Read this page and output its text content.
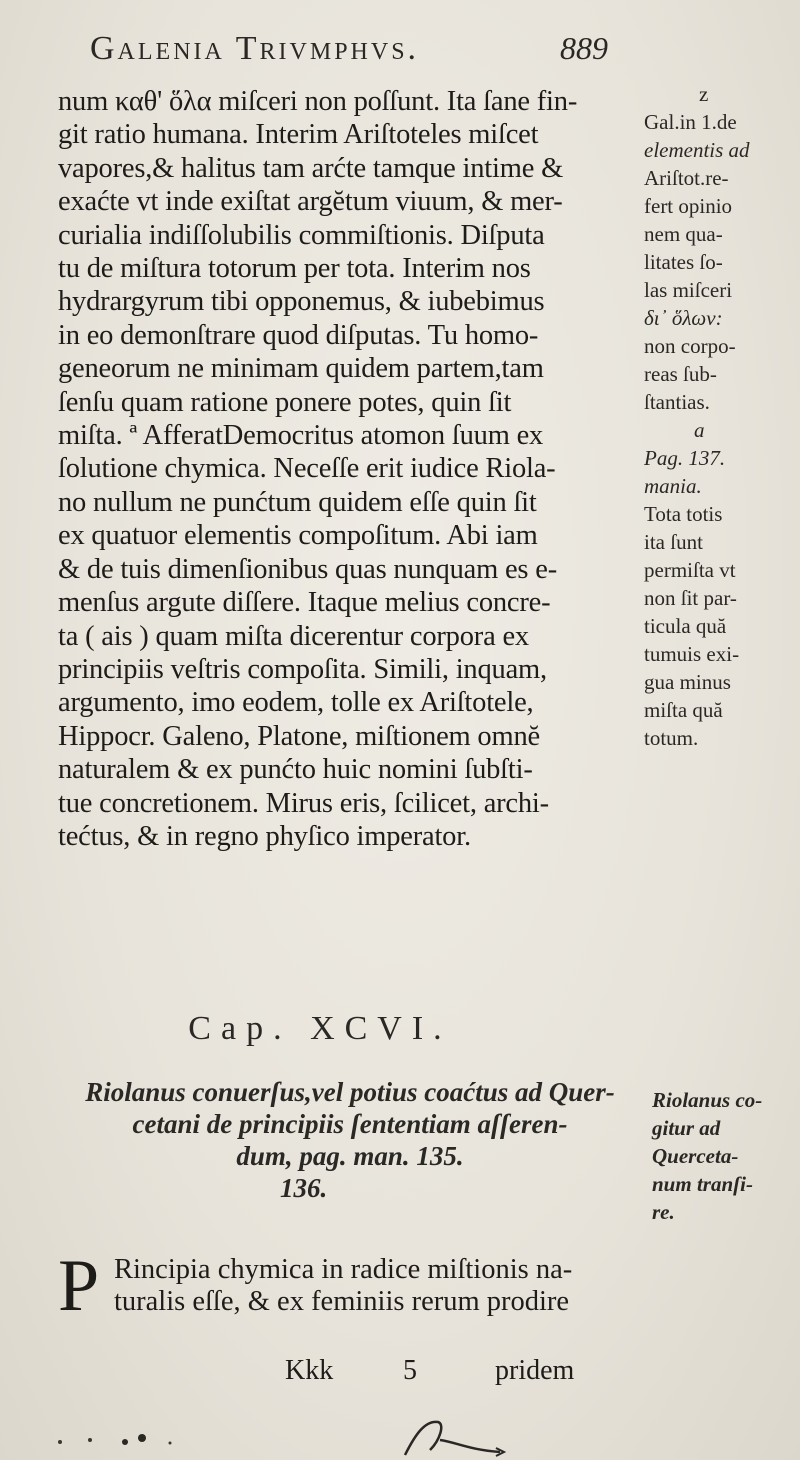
Galenia Trivmphvs.	889
num καθ' ὅλα miſceri non poſſunt. Ita ſane fin-
git ratio humana. Interim Ariſtoteles miſcet
vapores,& halitus tam arćte tamque intime &
exaćte vt inde exiſtat argĕtum viuum, & mer-
curialia indiſſolubilis commiſtionis. Diſputa
tu de miſtura totorum per tota. Interim nos
hydrargyrum tibi opponemus, & iubebimus
in eo demonſtrare quod diſputas. Tu homo-
geneorum ne minimam quidem partem,tam
ſenſu quam ratione ponere potes, quin ſit
miſta. ª AfferatDemocritus atomon ſuum ex
ſolutione chymica. Neceſſe erit iudice Riola-
no nullum ne punćtum quidem eſſe quin ſit
ex quatuor elementis compoſitum. Abi iam
& de tuis dimenſionibus quas nunquam es e-
menſus argute diſſere. Itaque melius concre-
ta ( ais ) quam miſta dicerentur corpora ex
principiis veſtris compoſita. Simili, inquam,
argumento, imo eodem, tolle ex Ariſtotele,
Hippocr. Galeno, Platone, miſtionem omnĕ
naturalem & ex punćto huic nomini ſubſti-
tue concretionem. Mirus eris, ſcilicet, archi-
tećtus, & in regno phyſico imperator.
z
Gal.in 1.de
elementis ad
Ariſtot.re-
fert opinio
nem qua-
litates ſo-
las miſceri
δι᾽ ὅλων:
non corpo-
reas ſub-
ſtantias.
a
Pag. 137.
mania.
Tota totis
ita ſunt
permiſta vt
non ſit par-
ticula quă
tumuis exi-
gua minus
miſta quă
totum.
Cap. XCVI.
Riolanus conuerſus,vel potius coaćtus ad Quer-
cetani de principiis ſententiam aſſeren-
dum, pag. man. 135.
136.
Riolanus co-
gitur ad
Quercetа-
num tranſi-
re.
P Rincipia chymica in radice miſtionis na-
turalis eſſe, & ex feminiis rerum prodire
Kkk 5	pridem
